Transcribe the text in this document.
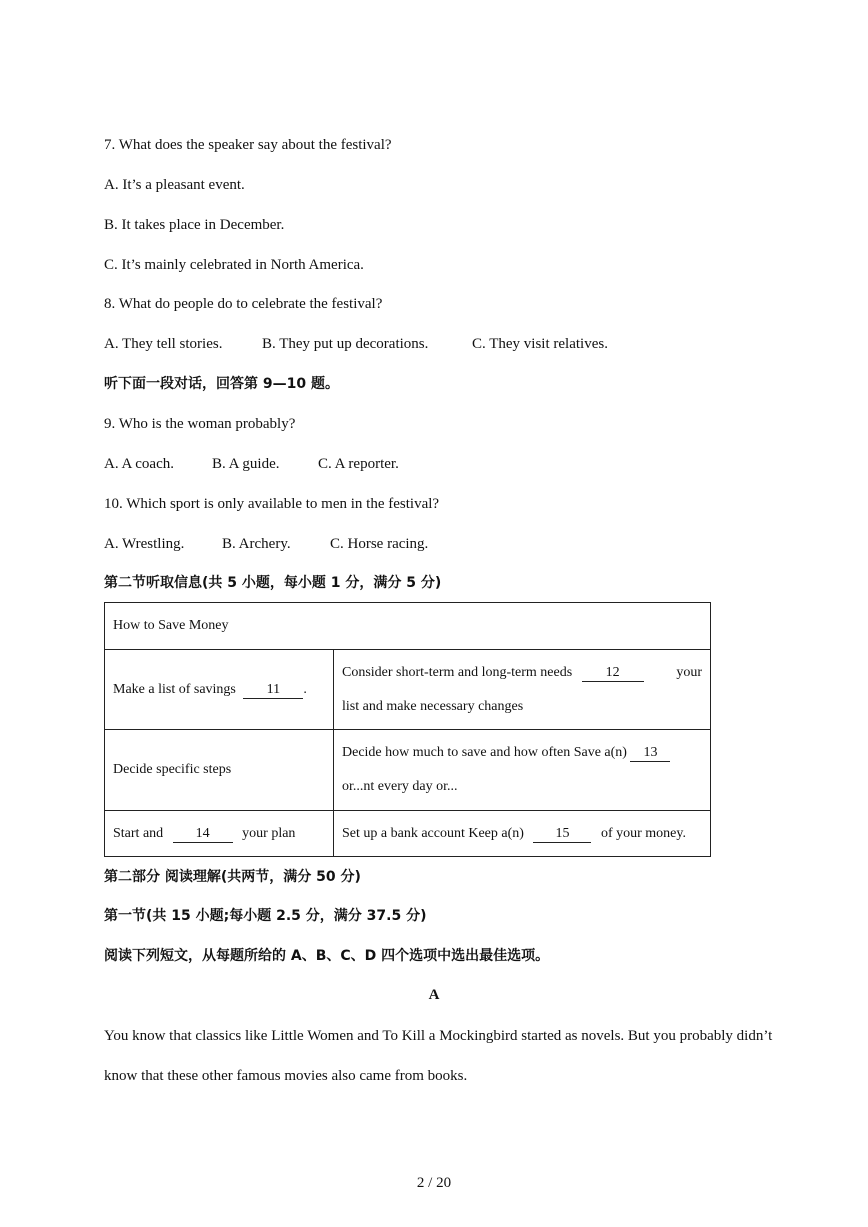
7. What does the speaker say about the festival?
A. It’s a pleasant event.
B. It takes place in December.
C. It’s mainly celebrated in North America.
8. What do people do to celebrate the festival?
A. They tell stories.	B. They put up decorations.	C. They visit relatives.
听下面一段对话，回答第 9—10 题。
9. Who is the woman probably?
A. A coach.	B. A guide.	C. A reporter.
10. Which sport is only available to men in the festival?
A. Wrestling.	B. Archery.	C. Horse racing.
第二节听取信息(共 5 小题，每小题 1 分，满分 5 分)
How to Save Money	
Make a list of savings 11 .	Consider short-term and long-term needs 12 your

list and make necessary changes
Decide specific steps	Decide how much to save and how often Save a(n) 13
or...nt every day or...
Start and 14 your plan	Set up a bank account Keep a(n) 15 of your money.
第二部分 阅读理解(共两节，满分 50 分)
第一节(共 15 小题;每小题 2.5 分，满分 37.5 分)
阅读下列短文，从每题所给的 A、B、C、D 四个选项中选出最佳选项。
A
You know that classics like Little Women and To Kill a Mockingbird started as novels. But you probably didn’t know that these other famous movies also came from books.
2 / 20
